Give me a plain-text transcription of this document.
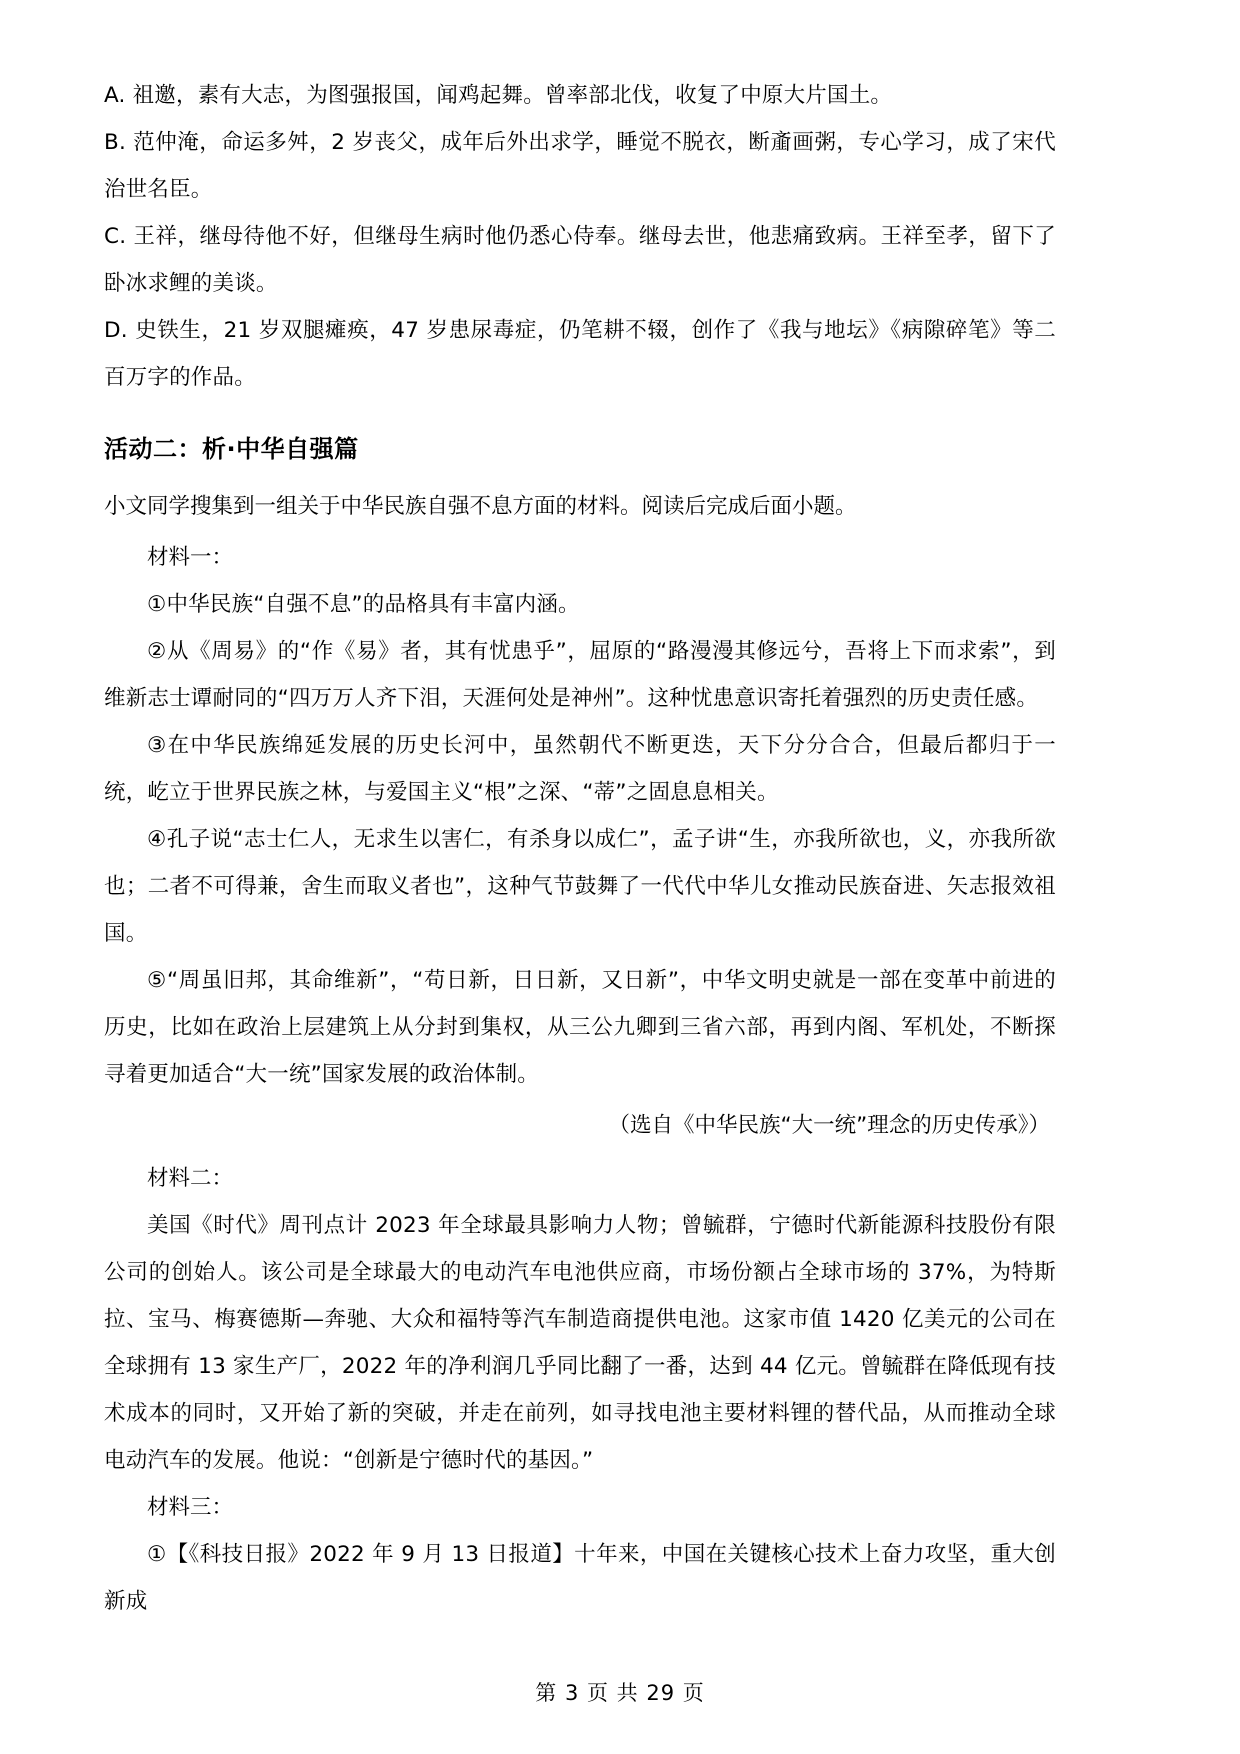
A. 祖邀，素有大志，为图强报国，闻鸡起舞。曾率部北伐，收复了中原大片国土。

B. 范仲淹，命运多舛，2 岁丧父，成年后外出求学，睡觉不脱衣，断齑画粥，专心学习，成了宋代治世名臣。

C. 王祥，继母待他不好，但继母生病时他仍悉心侍奉。继母去世，他悲痛致病。王祥至孝，留下了卧冰求鲤的美谈。

D. 史铁生，21 岁双腿瘫痪，47 岁患尿毒症，仍笔耕不辍，创作了《我与地坛》《病隙碎笔》等二百万字的作品。

活动二：析·中华自强篇

小文同学搜集到一组关于中华民族自强不息方面的材料。阅读后完成后面小题。

材料一：

①中华民族“自强不息”的品格具有丰富内涵。

②从《周易》的“作《易》者，其有忧患乎”，屈原的“路漫漫其修远兮，吾将上下而求索”，到维新志士谭耐同的“四万万人齐下泪，天涯何处是神州”。这种忧患意识寄托着强烈的历史责任感。

③在中华民族绵延发展的历史长河中，虽然朝代不断更迭，天下分分合合，但最后都归于一统，屹立于世界民族之林，与爱国主义“根”之深、“蒂”之固息息相关。

④孔子说“志士仁人，无求生以害仁，有杀身以成仁”，孟子讲“生，亦我所欲也，义，亦我所欲也；二者不可得兼，舍生而取义者也”，这种气节鼓舞了一代代中华儿女推动民族奋进、矢志报效祖国。

⑤“周虽旧邦，其命维新”，“苟日新，日日新，又日新”，中华文明史就是一部在变革中前进的历史，比如在政治上层建筑上从分封到集权，从三公九卿到三省六部，再到内阁、军机处，不断探寻着更加适合“大一统”国家发展的政治体制。

（选自《中华民族“大一统”理念的历史传承》）

材料二：

美国《时代》周刊点计 2023 年全球最具影响力人物；曾毓群，宁德时代新能源科技股份有限公司的创始人。该公司是全球最大的电动汽车电池供应商，市场份额占全球市场的 37%，为特斯拉、宝马、梅赛德斯—奔驰、大众和福特等汽车制造商提供电池。这家市值 1420 亿美元的公司在全球拥有 13 家生产厂，2022 年的净利润几乎同比翻了一番，达到 44 亿元。曾毓群在降低现有技术成本的同时，又开始了新的突破，并走在前列，如寻找电池主要材料锂的替代品，从而推动全球电动汽车的发展。他说：“创新是宁德时代的基因。”

材料三：

①【《科技日报》2022 年 9 月 13 日报道】十年来，中国在关键核心技术上奋力攻坚，重大创新成

第 3 页 共 29 页
